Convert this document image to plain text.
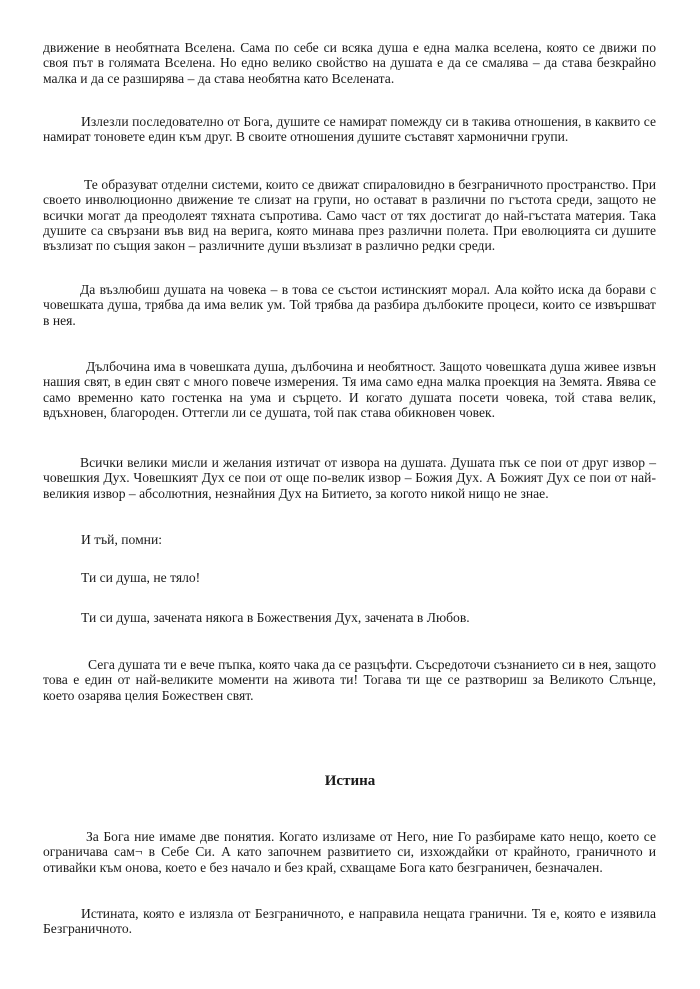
движение в необятната Вселена. Сама по себе си всяка душа е една малка вселена, която се движи по своя път в голямата Вселена. Но едно велико свойство на душата е да се смалява – да става безкрайно малка и да се разширява – да става необятна като Вселената.

Излезли последователно от Бога, душите се намират помежду си в такива отношения, в каквито се намират тоновете един към друг. В своите отношения душите съставят хармонични групи.

Те образуват отделни системи, които се движат спираловидно в безграничното пространство. При своето инволюционно движение те слизат на групи, но остават в различни по гъстота среди, защото не всички могат да преодолеят тяхната съпротива. Само част от тях достигат до най-гъстата материя. Така душите са свързани във вид на верига, която минава през различни полета. При еволюцията си душите възлизат по същия закон – различните души възлизат в различно редки среди.

Да възлюбиш душата на човека – в това се състои истинският морал. Ала който иска да борави с човешката душа, трябва да има велик ум. Той трябва да разбира дълбоките процеси, които се извършват в нея.

Дълбочина има в човешката душа, дълбочина и необятност. Защото човешката душа живее извън нашия свят, в един свят с много повече измерения. Тя има само една малка проекция на Земята. Явява се само временно като гостенка на ума и сърцето. И когато душата посети човека, той става велик, вдъхновен, благороден. Оттегли ли се душата, той пак става обикновен човек.

Всички велики мисли и желания изтичат от извора на душата. Душата пък се пои от друг извор – човешкия Дух. Човешкият Дух се пои от още по-велик извор – Божия Дух. А Божият Дух се пои от най-великия извор – абсолютния, незнайния Дух на Битието, за когото никой нищо не знае.

И тъй, помни:

Ти си душа, не тяло!

Ти си душа, зачената някога в Божествения Дух, зачената в Любов.

Сега душата ти е вече пъпка, която чака да се разцъфти. Съсредоточи съзнанието си в нея, защото това е един от най-великите моменти на живота ти! Тогава ти ще се разтвориш за Великото Слънце, което озарява целия Божествен свят.

Истина

За Бога ние имаме две понятия. Когато излизаме от Него, ние Го разбираме като нещо, което се ограничава сам¬ в Себе Си. А като започнем развитието си, изхождайки от крайното, граничното и отивайки към онова, което е без начало и без край, схващаме Бога като безграничен, безначален.

Истината, която е излязла от Безграничното, е направила нещата гранични. Тя е, която е изявила Безграничното.
